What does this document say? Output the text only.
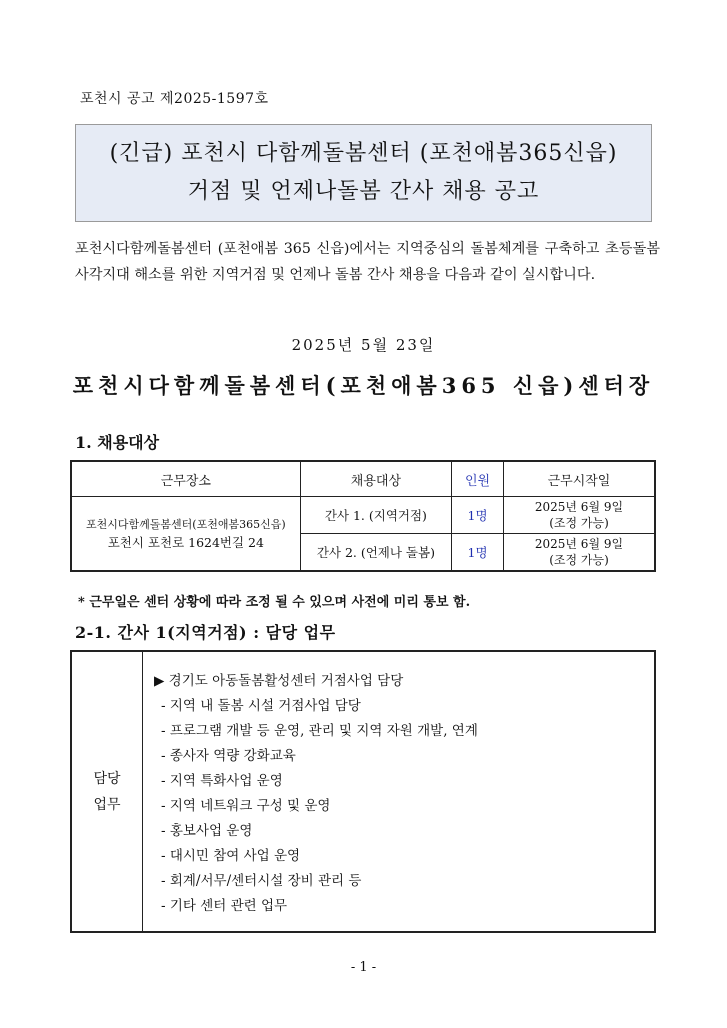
포천시 공고 제2025-1597호
(긴급) 포천시 다함께돌봄센터 (포천애봄365신읍)
거점 및 언제나돌봄 간사 채용 공고
포천시다함께돌봄센터 (포천애봄 365 신읍)에서는 지역중심의 돌봄체계를 구축하고 초등돌봄 사각지대 해소를 위한 지역거점 및 언제나 돌봄 간사 채용을 다음과 같이 실시합니다.
2025년 5월 23일
포천시다함께돌봄센터(포천애봄365 신읍)센터장
1. 채용대상
근무장소	채용대상	인원	근무시작일

포천시다함께돌봄센터(포천애봄365신읍)
포천시 포천로 1624번길 24	간사 1. (지역거점)	1명	2025년 6월 9일
(조정 가능)

	간사 2. (언제나 돌봄)	1명	2025년 6월 9일
(조정 가능)
* 근무일은 센터 상황에 따라 조정 될 수 있으며 사전에 미리 통보 함.
2-1. 간사 1(지역거점) : 담당 업무
담당
업무
▶ 경기도 아동돌봄활성센터 거점사업 담당
- 지역 내 돌봄 시설 거점사업 담당
- 프로그램 개발 등 운영, 관리 및 지역 자원 개발, 연계
- 종사자 역량 강화교육
- 지역 특화사업 운영
- 지역 네트워크 구성 및 운영
- 홍보사업 운영
- 대시민 참여 사업 운영
- 회계/서무/센터시설 장비 관리 등
- 기타 센터 관련 업무
- 1 -
